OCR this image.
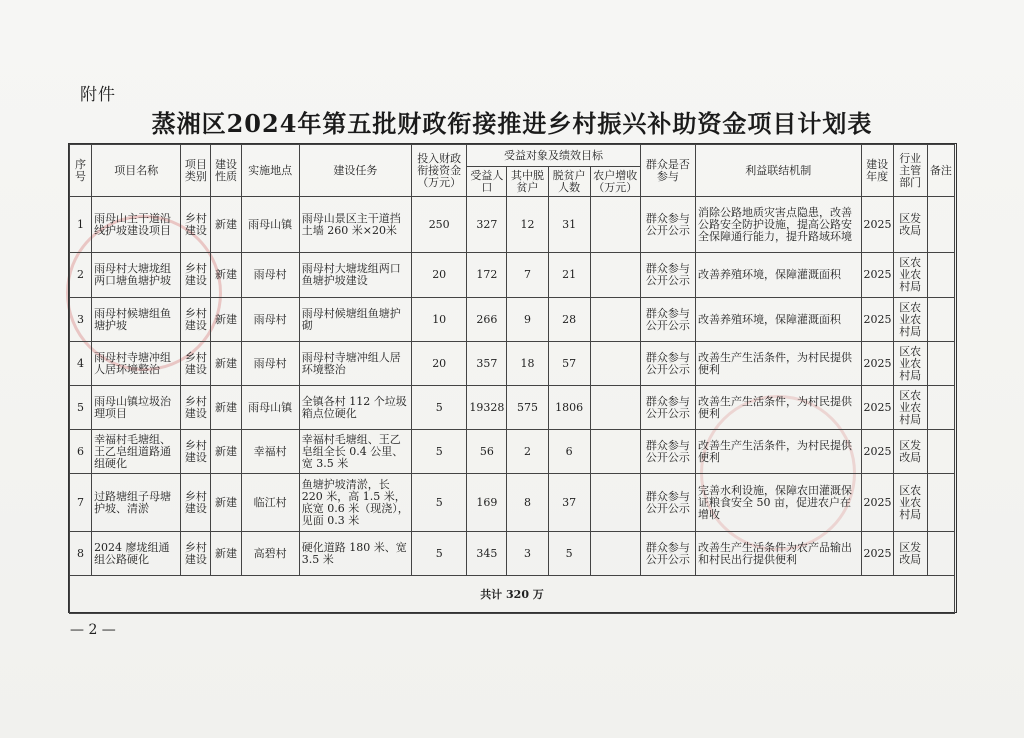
附件
蒸湘区2024年第五批财政衔接推进乡村振兴补助资金项目计划表
序号	项目名称	项目类别	建设性质	实施地点	建设任务	投入财政衔接资金（万元）	受益对象及绩效目标				群众是否参与	利益联结机制	建设年度	行业主管部门	备注
							受益人口	其中脱贫户	脱贫户人数	农户增收（万元）					
1	雨母山主干道沿线护坡建设项目	乡村建设	新建	雨母山镇	雨母山景区主干道挡土墙 260 米×20米	250	327	12	31		群众参与公开公示	消除公路地质灾害点隐患，改善公路安全防护设施，提高公路安全保障通行能力，提升路域环境	2025	区发改局	
2	雨母村大塘垅组两口塘鱼塘护坡	乡村建设	新建	雨母村	雨母村大塘垅组两口鱼塘护坡建设	20	172	7	21		群众参与公开公示	改善养殖环境，保障灌溉面积	2025	区农业农村局	
3	雨母村候塘组鱼塘护坡	乡村建设	新建	雨母村	雨母村候塘组鱼塘护砌	10	266	9	28		群众参与公开公示	改善养殖环境，保障灌溉面积	2025	区农业农村局	
4	雨母村寺塘冲组人居环境整治	乡村建设	新建	雨母村	雨母村寺塘冲组人居环境整治	20	357	18	57		群众参与公开公示	改善生产生活条件，为村民提供便利	2025	区农业农村局	
5	雨母山镇垃圾治理项目	乡村建设	新建	雨母山镇	全镇各村 112 个垃圾箱点位硬化	5	19328	575	1806		群众参与公开公示	改善生产生活条件，为村民提供便利	2025	区农业农村局	
6	幸福村毛塘组、王乙皂组道路通组硬化	乡村建设	新建	幸福村	幸福村毛塘组、王乙皂组全长 0.4 公里、宽 3.5 米	5	56	2	6		群众参与公开公示	改善生产生活条件，为村民提供便利	2025	区发改局	
7	过路塘组子母塘护坡、清淤	乡村建设	新建	临江村	鱼塘护坡清淤，长 220 米，高 1.5 米，底宽 0.6 米（现浇），见面 0.3 米	5	169	8	37		群众参与公开公示	完善水利设施，保障农田灌溉保证粮食安全 50 亩，促进农户在增收	2025	区农业农村局	
8	2024 廖垅组通组公路硬化	乡村建设	新建	高碧村	硬化道路 180 米、宽 3.5 米	5	345	3	5		群众参与公开公示	改善生产生活条件为农产品输出和村民出行提供便利	2025	区发改局	
共计 320 万															
— 2 —
